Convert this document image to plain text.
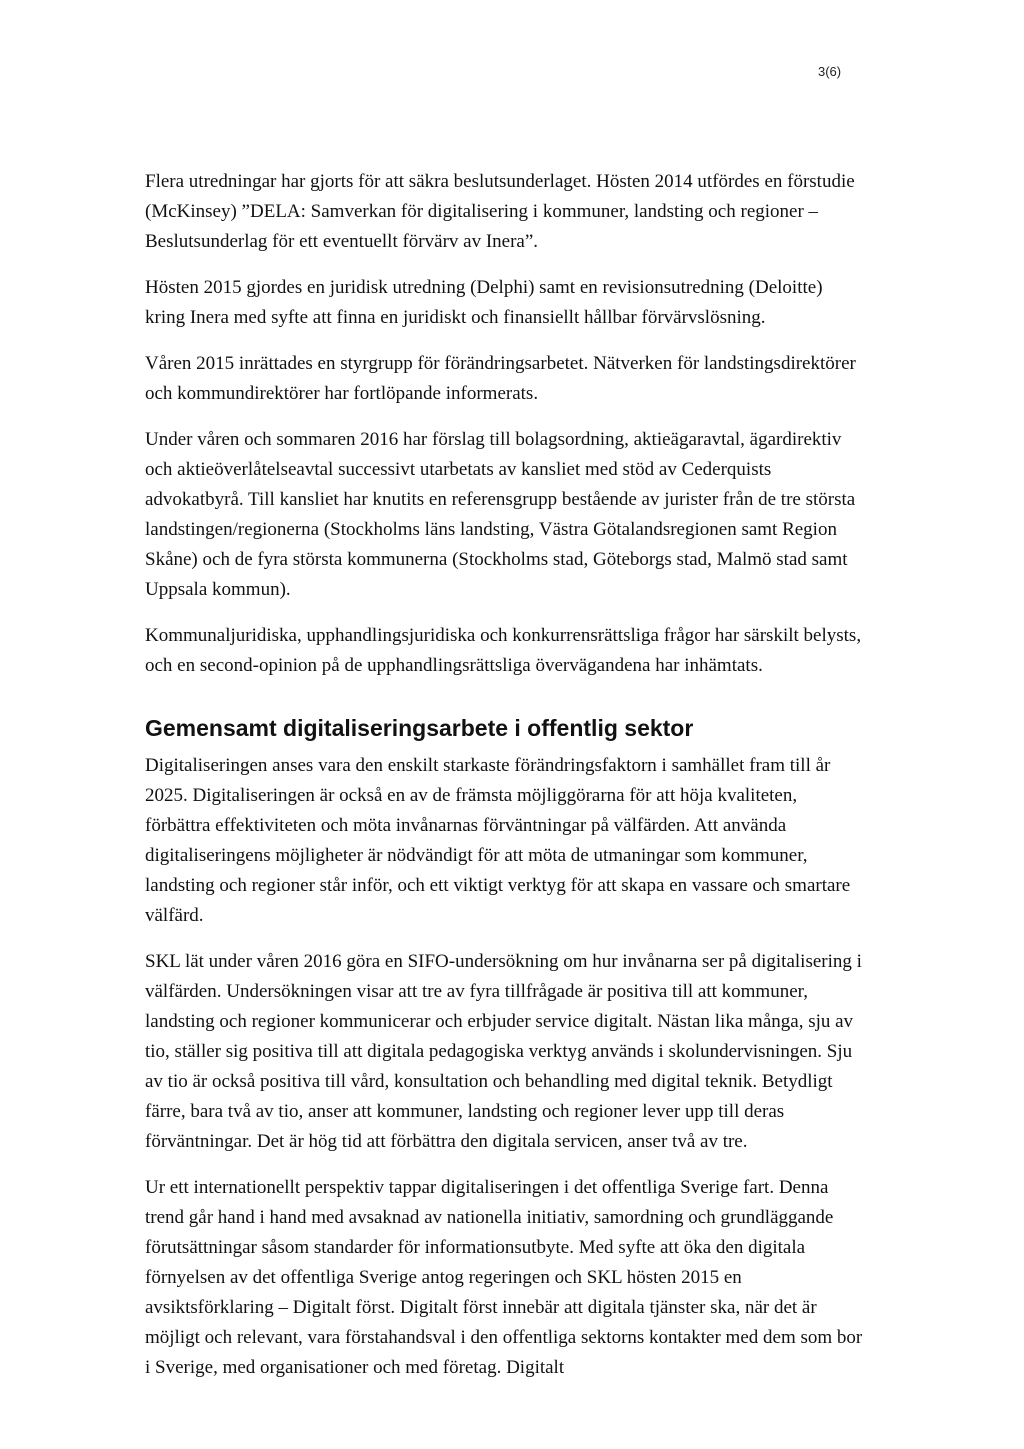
3(6)

Flera utredningar har gjorts för att säkra beslutsunderlaget. Hösten 2014 utfördes en förstudie (McKinsey) ”DELA: Samverkan för digitalisering i kommuner, landsting och regioner – Beslutsunderlag för ett eventuellt förvärv av Inera”.

Hösten 2015 gjordes en juridisk utredning (Delphi) samt en revisionsutredning (Deloitte) kring Inera med syfte att finna en juridiskt och finansiellt hållbar förvärvslösning.

Våren 2015 inrättades en styrgrupp för förändringsarbetet. Nätverken för landstingsdirektörer och kommundirektörer har fortlöpande informerats.

Under våren och sommaren 2016 har förslag till bolagsordning, aktieägaravtal, ägardirektiv och aktieöverlåtelseavtal successivt utarbetats av kansliet med stöd av Cederquists advokatbyrå. Till kansliet har knutits en referensgrupp bestående av jurister från de tre största landstingen/regionerna (Stockholms läns landsting, Västra Götalandsregionen samt Region Skåne) och de fyra största kommunerna (Stockholms stad, Göteborgs stad, Malmö stad samt Uppsala kommun).

Kommunaljuridiska, upphandlingsjuridiska och konkurrensrättsliga frågor har särskilt belysts, och en second-opinion på de upphandlingsrättsliga övervägandena har inhämtats.

Gemensamt digitaliseringsarbete i offentlig sektor

Digitaliseringen anses vara den enskilt starkaste förändringsfaktorn i samhället fram till år 2025. Digitaliseringen är också en av de främsta möjliggörarna för att höja kvaliteten, förbättra effektiviteten och möta invånarnas förväntningar på välfärden. Att använda digitaliseringens möjligheter är nödvändigt för att möta de utmaningar som kommuner, landsting och regioner står inför, och ett viktigt verktyg för att skapa en vassare och smartare välfärd.

SKL lät under våren 2016 göra en SIFO-undersökning om hur invånarna ser på digitalisering i välfärden. Undersökningen visar att tre av fyra tillfrågade är positiva till att kommuner, landsting och regioner kommunicerar och erbjuder service digitalt. Nästan lika många, sju av tio, ställer sig positiva till att digitala pedagogiska verktyg används i skolundervisningen. Sju av tio är också positiva till vård, konsultation och behandling med digital teknik. Betydligt färre, bara två av tio, anser att kommuner, landsting och regioner lever upp till deras förväntningar. Det är hög tid att förbättra den digitala servicen, anser två av tre.

Ur ett internationellt perspektiv tappar digitaliseringen i det offentliga Sverige fart. Denna trend går hand i hand med avsaknad av nationella initiativ, samordning och grundläggande förutsättningar såsom standarder för informationsutbyte. Med syfte att öka den digitala förnyelsen av det offentliga Sverige antog regeringen och SKL hösten 2015 en avsiktsförklaring – Digitalt först. Digitalt först innebär att digitala tjänster ska, när det är möjligt och relevant, vara förstahandsval i den offentliga sektorns kontakter med dem som bor i Sverige, med organisationer och med företag. Digitalt
